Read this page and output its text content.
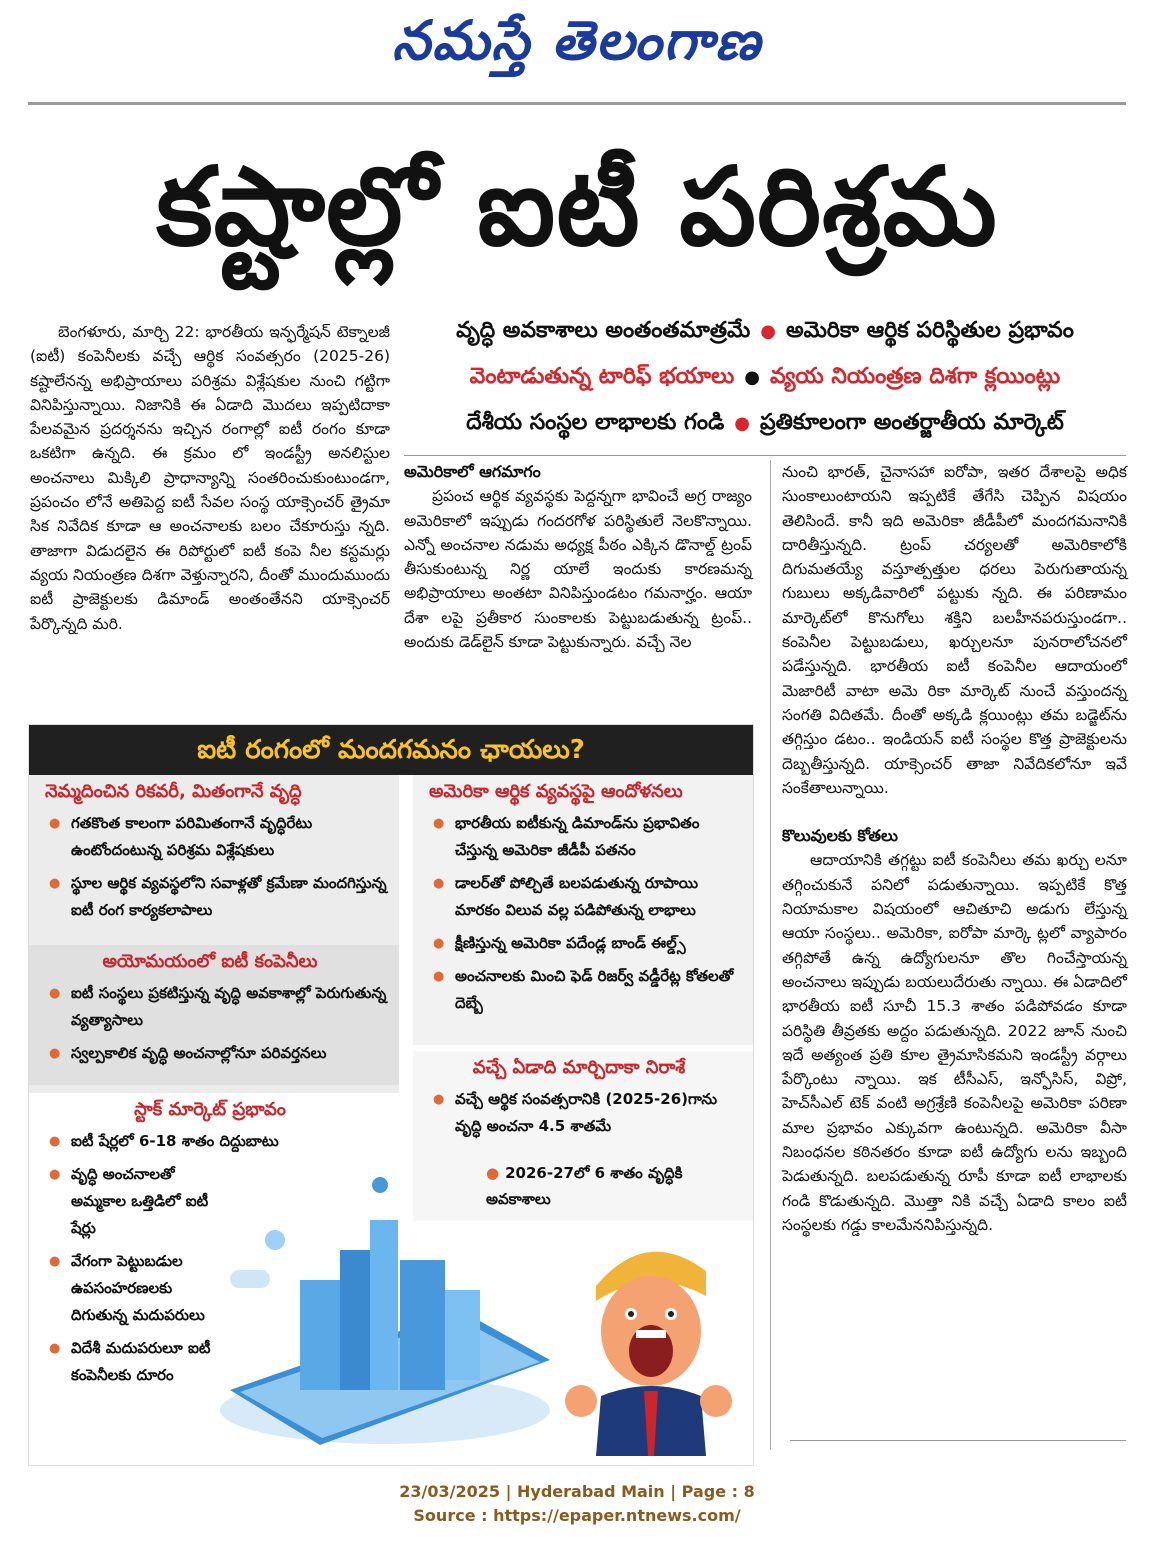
నమస్తే తెలంగాణ
కష్టాల్లో ఐటీ పరిశ్రమ

బెంగళూరు, మార్చి 22: భారతీయ ఇన్ఫర్మేషన్ టెక్నాలజీ (ఐటీ) కంపెనీలకు వచ్చే ఆర్థిక సంవత్సరం (2025-26) కష్టాలేనన్న అభిప్రాయాలు పరిశ్రమ విశ్లేషకుల నుంచి గట్టిగా వినిపిస్తున్నాయి. నిజానికి ఈ ఏడాది మొదలు ఇప్పటిదాకా పేలవమైన ప్రదర్శనను ఇచ్చిన రంగాల్లో ఐటీ రంగం కూడా ఒకటిగా ఉన్నది. ఈ క్రమం లో ఇండస్ట్రీ అనలిస్టుల అంచనాలు మిక్కిలి ప్రాధాన్యాన్ని సంతరించుకుంటుండగా, ప్రపంచం లోనే అతిపెద్ద ఐటీ సేవల సంస్థ యాక్సెంచర్ త్రైమా సిక నివేదిక కూడా ఆ అంచనాలకు బలం చేకూరుస్తు న్నది. తాజాగా విడుదలైన ఈ రిపోర్టులో ఐటీ కంపె నీల కస్టమర్లు వ్యయ నియంత్రణ దిశగా వెళ్తున్నారని, దీంతో ముందుముందు ఐటీ ప్రాజెక్టులకు డిమాండ్ అంతంతేనని యాక్సెంచర్ పేర్కొన్నది మరి.

వృద్ధి అవకాశాలు అంతంతమాత్రమే ● అమెరికా ఆర్థిక పరిస్థితుల ప్రభావం
వెంటాడుతున్న టారిఫ్ భయాలు ● వ్యయ నియంత్రణ దిశగా క్లయింట్లు
దేశీయ సంస్థల లాభాలకు గండి ● ప్రతికూలంగా అంతర్జాతీయ మార్కెట్

అమెరికాలో ఆగమాగం

ప్రపంచ ఆర్థిక వ్యవస్థకు పెద్దన్నగా భావించే అగ్ర రాజ్యం అమెరికాలో ఇప్పుడు గందరగోళ పరిస్థితులే నెలకొన్నాయి. ఎన్నో అంచనాల నడుమ అధ్యక్ష పీఠం ఎక్కిన డొనాల్డ్ ట్రంప్ తీసుకుంటున్న నిర్ణ యాలే ఇందుకు కారణమన్న అభిప్రాయాలు అంతటా వినిపిస్తుండటం గమనార్హం. ఆయా దేశా లపై ప్రతీకార సుంకాలకు పెట్టుబడుతున్న ట్రంప్.. అందుకు డెడ్‌లైన్ కూడా పెట్టుకున్నారు. వచ్చే నెల

నుంచి భారత్, చైనాసహా ఐరోపా, ఇతర దేశాలపై అధిక సుంకాలుంటాయని ఇప్పటికే తేగేసి చెప్పిన విషయం తెలిసిందే. కానీ ఇది అమెరికా జీడీపీలో మందగమనానికి దారితీస్తున్నది. ట్రంప్ చర్యలతో అమెరికాలోకి దిగుమతయ్యే వస్తూత్పత్తుల ధరలు పెరుగుతాయన్న గుబులు అక్కడివారిలో పట్టుకు న్నది. ఈ పరిణామం మార్కెట్‌లో కొనుగోలు శక్తిని బలహీనపరుస్తుండగా.. కంపెనీల పెట్టుబడులు, ఖర్చులనూ పునరాలోచనలో పడేస్తున్నది. భారతీయ ఐటీ కంపెనీల ఆదాయంలో మెజారిటీ వాటా అమె రికా మార్కెట్ నుంచే వస్తుందన్న సంగతి విదితమే. దీంతో అక్కడి క్లయింట్లు తమ బడ్జెట్‌ను తగ్గిస్తుం డటం.. ఇండియన్ ఐటీ సంస్థల కొత్త ప్రాజెక్టులను దెబ్బతీస్తున్నది. యాక్సెంచర్ తాజా నివేదికలోనూ ఇవే సంకేతాలున్నాయి.

కొలువులకు కోతలు

ఆదాయానికి తగ్గట్టు ఐటీ కంపెనీలు తమ ఖర్చు లనూ తగ్గించుకునే పనిలో పడుతున్నాయి. ఇప్పటికే కొత్త నియామకాల విషయంలో ఆచితూచి అడుగు లేస్తున్న ఆయా సంస్థలు.. అమెరికా, ఐరోపా మార్కె ట్లలో వ్యాపారం తగ్గిపోతే ఉన్న ఉద్యోగులనూ తొల గించేస్తాయన్న అంచనాలు ఇప్పుడు బయలుదేరుతు న్నాయి. ఈ ఏడాదిలో భారతీయ ఐటీ సూచీ 15.3 శాతం పడిపోవడం కూడా పరిస్థితి తీవ్రతకు అద్దం పడుతున్నది. 2022 జూన్ నుంచి ఇదే అత్యంత ప్రతి కూల త్రైమాసికమని ఇండస్ట్రీ వర్గాలు పేర్కొంటు న్నాయి. ఇక టీసీఎస్, ఇన్ఫోసిస్, విప్రో, హెచ్‌సీఎల్ టెక్ వంటి అగ్రశ్రేణి కంపెనీలపై అమెరికా పరిణా మాల ప్రభావం ఎక్కువగా ఉంటున్నది. అమెరికా వీసా నిబంధనల కఠినతరం కూడా ఐటీ ఉద్యోగు లను ఇబ్బంది పెడుతున్నది. బలపడుతున్న రూపీ కూడా ఐటీ లాభాలకు గండి కొడుతున్నది. మొత్తా నికి వచ్చే ఏడాది కాలం ఐటీ సంస్థలకు గడ్డు కాలమేననిపిస్తున్నది.

ఐటీ రంగంలో మందగమనం ఛాయలు?
నెమ్మదించిన రికవరీ, మితంగానే వృద్ధి
● గతకొంత కాలంగా పరిమితంగానే వృద్ధిరేటు ఉంటోందంటున్న పరిశ్రమ విశ్లేషకులు
● స్థూల ఆర్థిక వ్యవస్థలోని సవాళ్లతో క్రమేణా మందగిస్తున్న ఐటీ రంగ కార్యకలాపాలు
అయోమయంలో ఐటీ కంపెనీలు
● ఐటీ సంస్థలు ప్రకటిస్తున్న వృద్ధి అవకాశాల్లో పెరుగుతున్న వ్యత్యాసాలు
● స్వల్పకాలిక వృద్ధి అంచనాల్లోనూ పరివర్తనలు
స్టాక్ మార్కెట్ ప్రభావం
● ఐటీ షేర్లలో 6-18 శాతం దిద్దుబాటు
● వృద్ధి అంచనాలతో అమ్మకాల ఒత్తిడిలో ఐటీ షేర్లు
● వేగంగా పెట్టుబడుల ఉపసంహరణలకు దిగుతున్న మదుపరులు
● విదేశీ మదుపరులూ ఐటీ కంపెనీలకు దూరం
అమెరికా ఆర్థిక వ్యవస్థపై ఆందోళనలు
● భారతీయ ఐటీకున్న డిమాండ్‌ను ప్రభావితం చేస్తున్న అమెరికా జీడీపీ పతనం
● డాలర్‌తో పోల్చితే బలపడుతున్న రూపాయి మారకం విలువ వల్ల పడిపోతున్న లాభాలు
● క్షీణిస్తున్న అమెరికా పదేండ్ల బాండ్ ఈల్డ్స్
● అంచనాలకు మించి ఫెడ్ రిజర్వ్ వడ్డీరేట్ల కోతలతో దెబ్బే
వచ్చే ఏడాది మార్చిదాకా నిరాశే
● వచ్చే ఆర్థిక సంవత్సరానికి (2025-26)గాను వృద్ధి అంచనా 4.5 శాతమే
● 2026-27లో 6 శాతం వృద్ధికి అవకాశాలు
23/03/2025 | Hyderabad Main | Page : 8
Source : https://epaper.ntnews.com/
